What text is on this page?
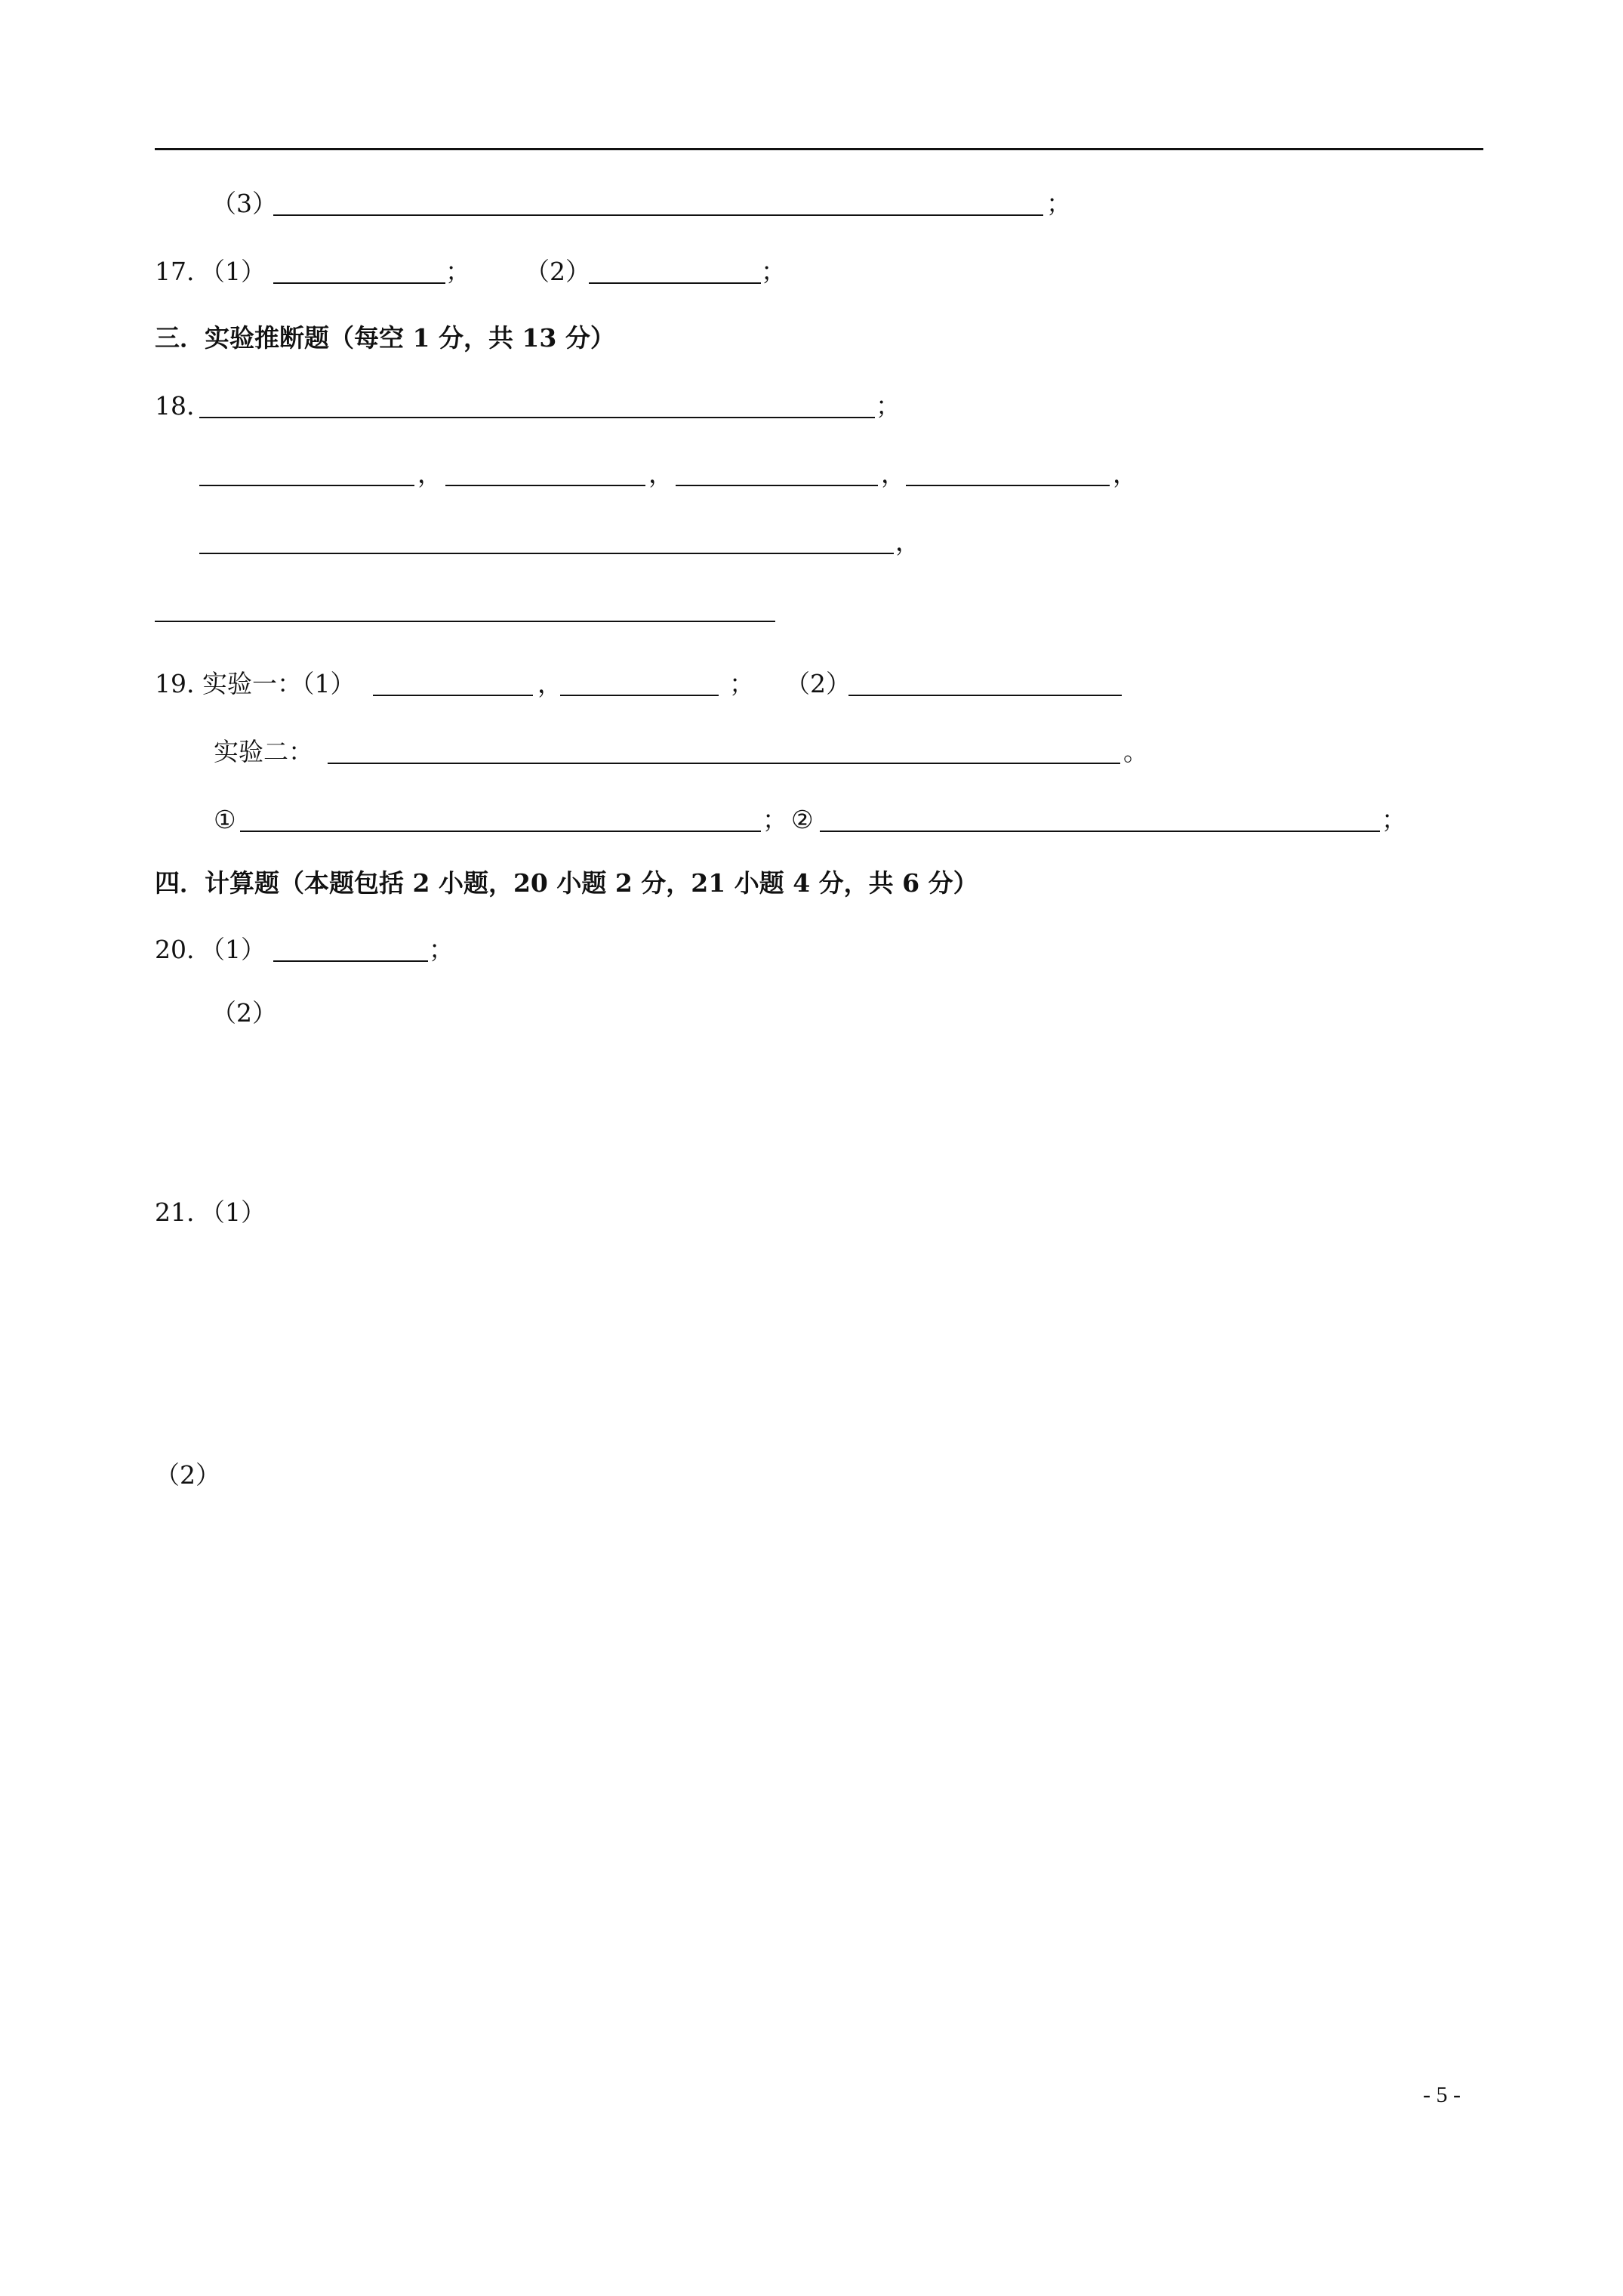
（3）	；
17. （1）	； （2）	；
三．实验推断题（每空 1 分，共 13 分）
18.	；
，	，	，	，
，
19. 实验一：（1）	，	； （2）
实验二：	。
①	； ②	；
四．计算题（本题包括 2 小题，20 小题 2 分，21 小题 4 分，共 6 分）
20. （1）	；
（2）
21. （1）
（2）
- 5 -
